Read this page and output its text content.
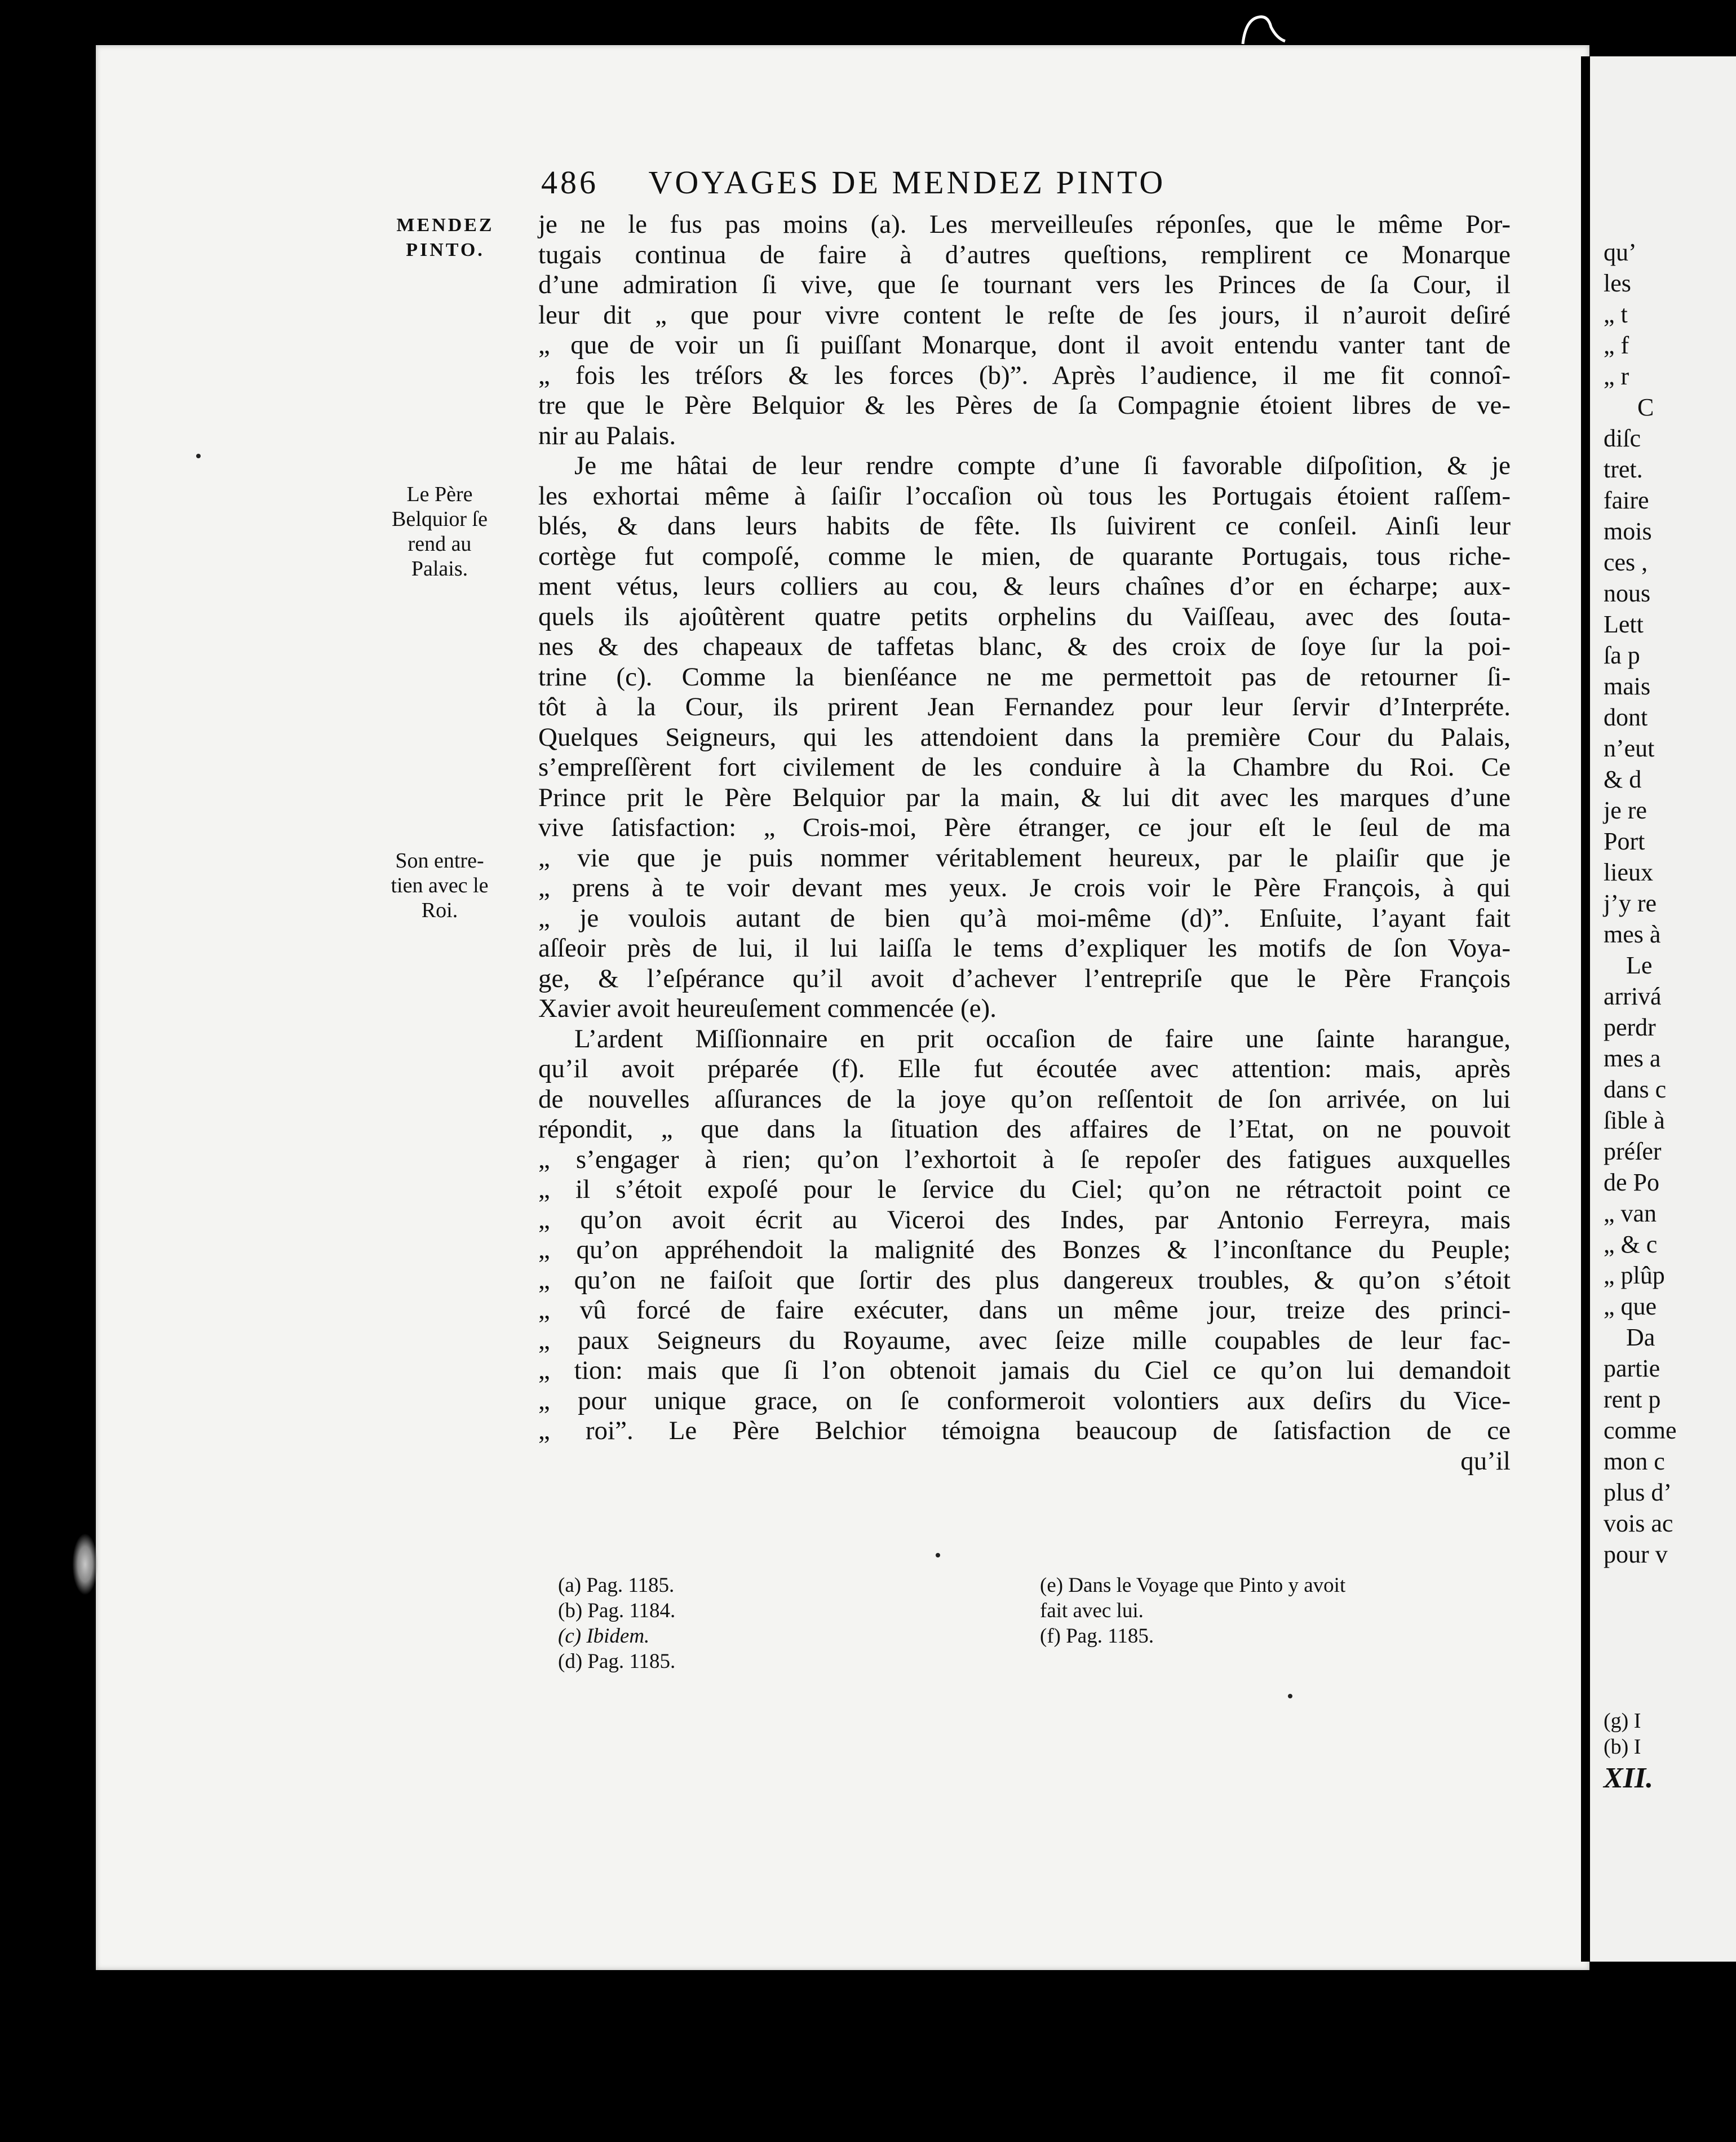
486 VOYAGES DE MENDEZ PINTO
MENDEZ PINTO.
Le Père Belquior ſe rend au Palais.
Son entre-tien avec le Roi.
je ne le fus pas moins (a). Les merveilleuſes réponſes, que le même Por-
tugais continua de faire à d’autres queſtions, remplirent ce Monarque
d’une admiration ſi vive, que ſe tournant vers les Princes de ſa Cour, il
leur dit „ que pour vivre content le reſte de ſes jours, il n’auroit deſiré
„ que de voir un ſi puiſſant Monarque, dont il avoit entendu vanter tant de
„ fois les tréſors & les forces (b)”. Après l’audience, il me fit connoî-
tre que le Père Belquior & les Pères de ſa Compagnie étoient libres de ve-
nir au Palais.
Je me hâtai de leur rendre compte d’une ſi favorable diſpoſition, & je
les exhortai même à ſaiſir l’occaſion où tous les Portugais étoient raſſem-
blés, & dans leurs habits de fête. Ils ſuivirent ce conſeil. Ainſi leur
cortège fut compoſé, comme le mien, de quarante Portugais, tous riche-
ment vétus, leurs colliers au cou, & leurs chaînes d’or en écharpe; aux-
quels ils ajoûtèrent quatre petits orphelins du Vaiſſeau, avec des ſouta-
nes & des chapeaux de taffetas blanc, & des croix de ſoye ſur la poi-
trine (c). Comme la bienſéance ne me permettoit pas de retourner ſi-
tôt à la Cour, ils prirent Jean Fernandez pour leur ſervir d’Interpréte.
Quelques Seigneurs, qui les attendoient dans la première Cour du Palais,
s’empreſſèrent fort civilement de les conduire à la Chambre du Roi. Ce
Prince prit le Père Belquior par la main, & lui dit avec les marques d’une
vive ſatisfaction: „ Crois-moi, Père étranger, ce jour eſt le ſeul de ma
„ vie que je puis nommer véritablement heureux, par le plaiſir que je
„ prens à te voir devant mes yeux. Je crois voir le Père François, à qui
„ je voulois autant de bien qu’à moi-même (d)”. Enſuite, l’ayant fait
aſſeoir près de lui, il lui laiſſa le tems d’expliquer les motifs de ſon Voya-
ge, & l’eſpérance qu’il avoit d’achever l’entrepriſe que le Père François
Xavier avoit heureuſement commencée (e).
L’ardent Miſſionnaire en prit occaſion de faire une ſainte harangue,
qu’il avoit préparée (f). Elle fut écoutée avec attention: mais, après
de nouvelles aſſurances de la joye qu’on reſſentoit de ſon arrivée, on lui
répondit, „ que dans la ſituation des affaires de l’Etat, on ne pouvoit
„ s’engager à rien; qu’on l’exhortoit à ſe repoſer des fatigues auxquelles
„ il s’étoit expoſé pour le ſervice du Ciel; qu’on ne rétractoit point ce
„ qu’on avoit écrit au Viceroi des Indes, par Antonio Ferreyra, mais
„ qu’on appréhendoit la malignité des Bonzes & l’inconſtance du Peuple;
„ qu’on ne faiſoit que ſortir des plus dangereux troubles, & qu’on s’étoit
„ vû forcé de faire exécuter, dans un même jour, treize des princi-
„ paux Seigneurs du Royaume, avec ſeize mille coupables de leur fac-
„ tion: mais que ſi l’on obtenoit jamais du Ciel ce qu’on lui demandoit
„ pour unique grace, on ſe conformeroit volontiers aux deſirs du Vice-
„ roi”. Le Père Belchior témoigna beaucoup de ſatisfaction de ce
qu’il
(a) Pag. 1185.
(b) Pag. 1184.
(c) Ibidem.
(d) Pag. 1185.
(e) Dans le Voyage que Pinto y avoit
fait avec lui.
(f) Pag. 1185.
qu’
les
„ t
„ f
„ r
C
diſc
tret.
faire
mois
ces ,
nous
Lett
ſa p
mais
dont
n’eut
& d
je re
Port
lieux
j’y re
mes à
Le
arrivá
perdr
mes a
dans c
ſible à
préſer
de Po
„ van
„ & c
„ plûp
„ que
Da
partie
rent p
comme
mon c
plus d’
vois ac
pour v
(g) I
(b) I
XII.
